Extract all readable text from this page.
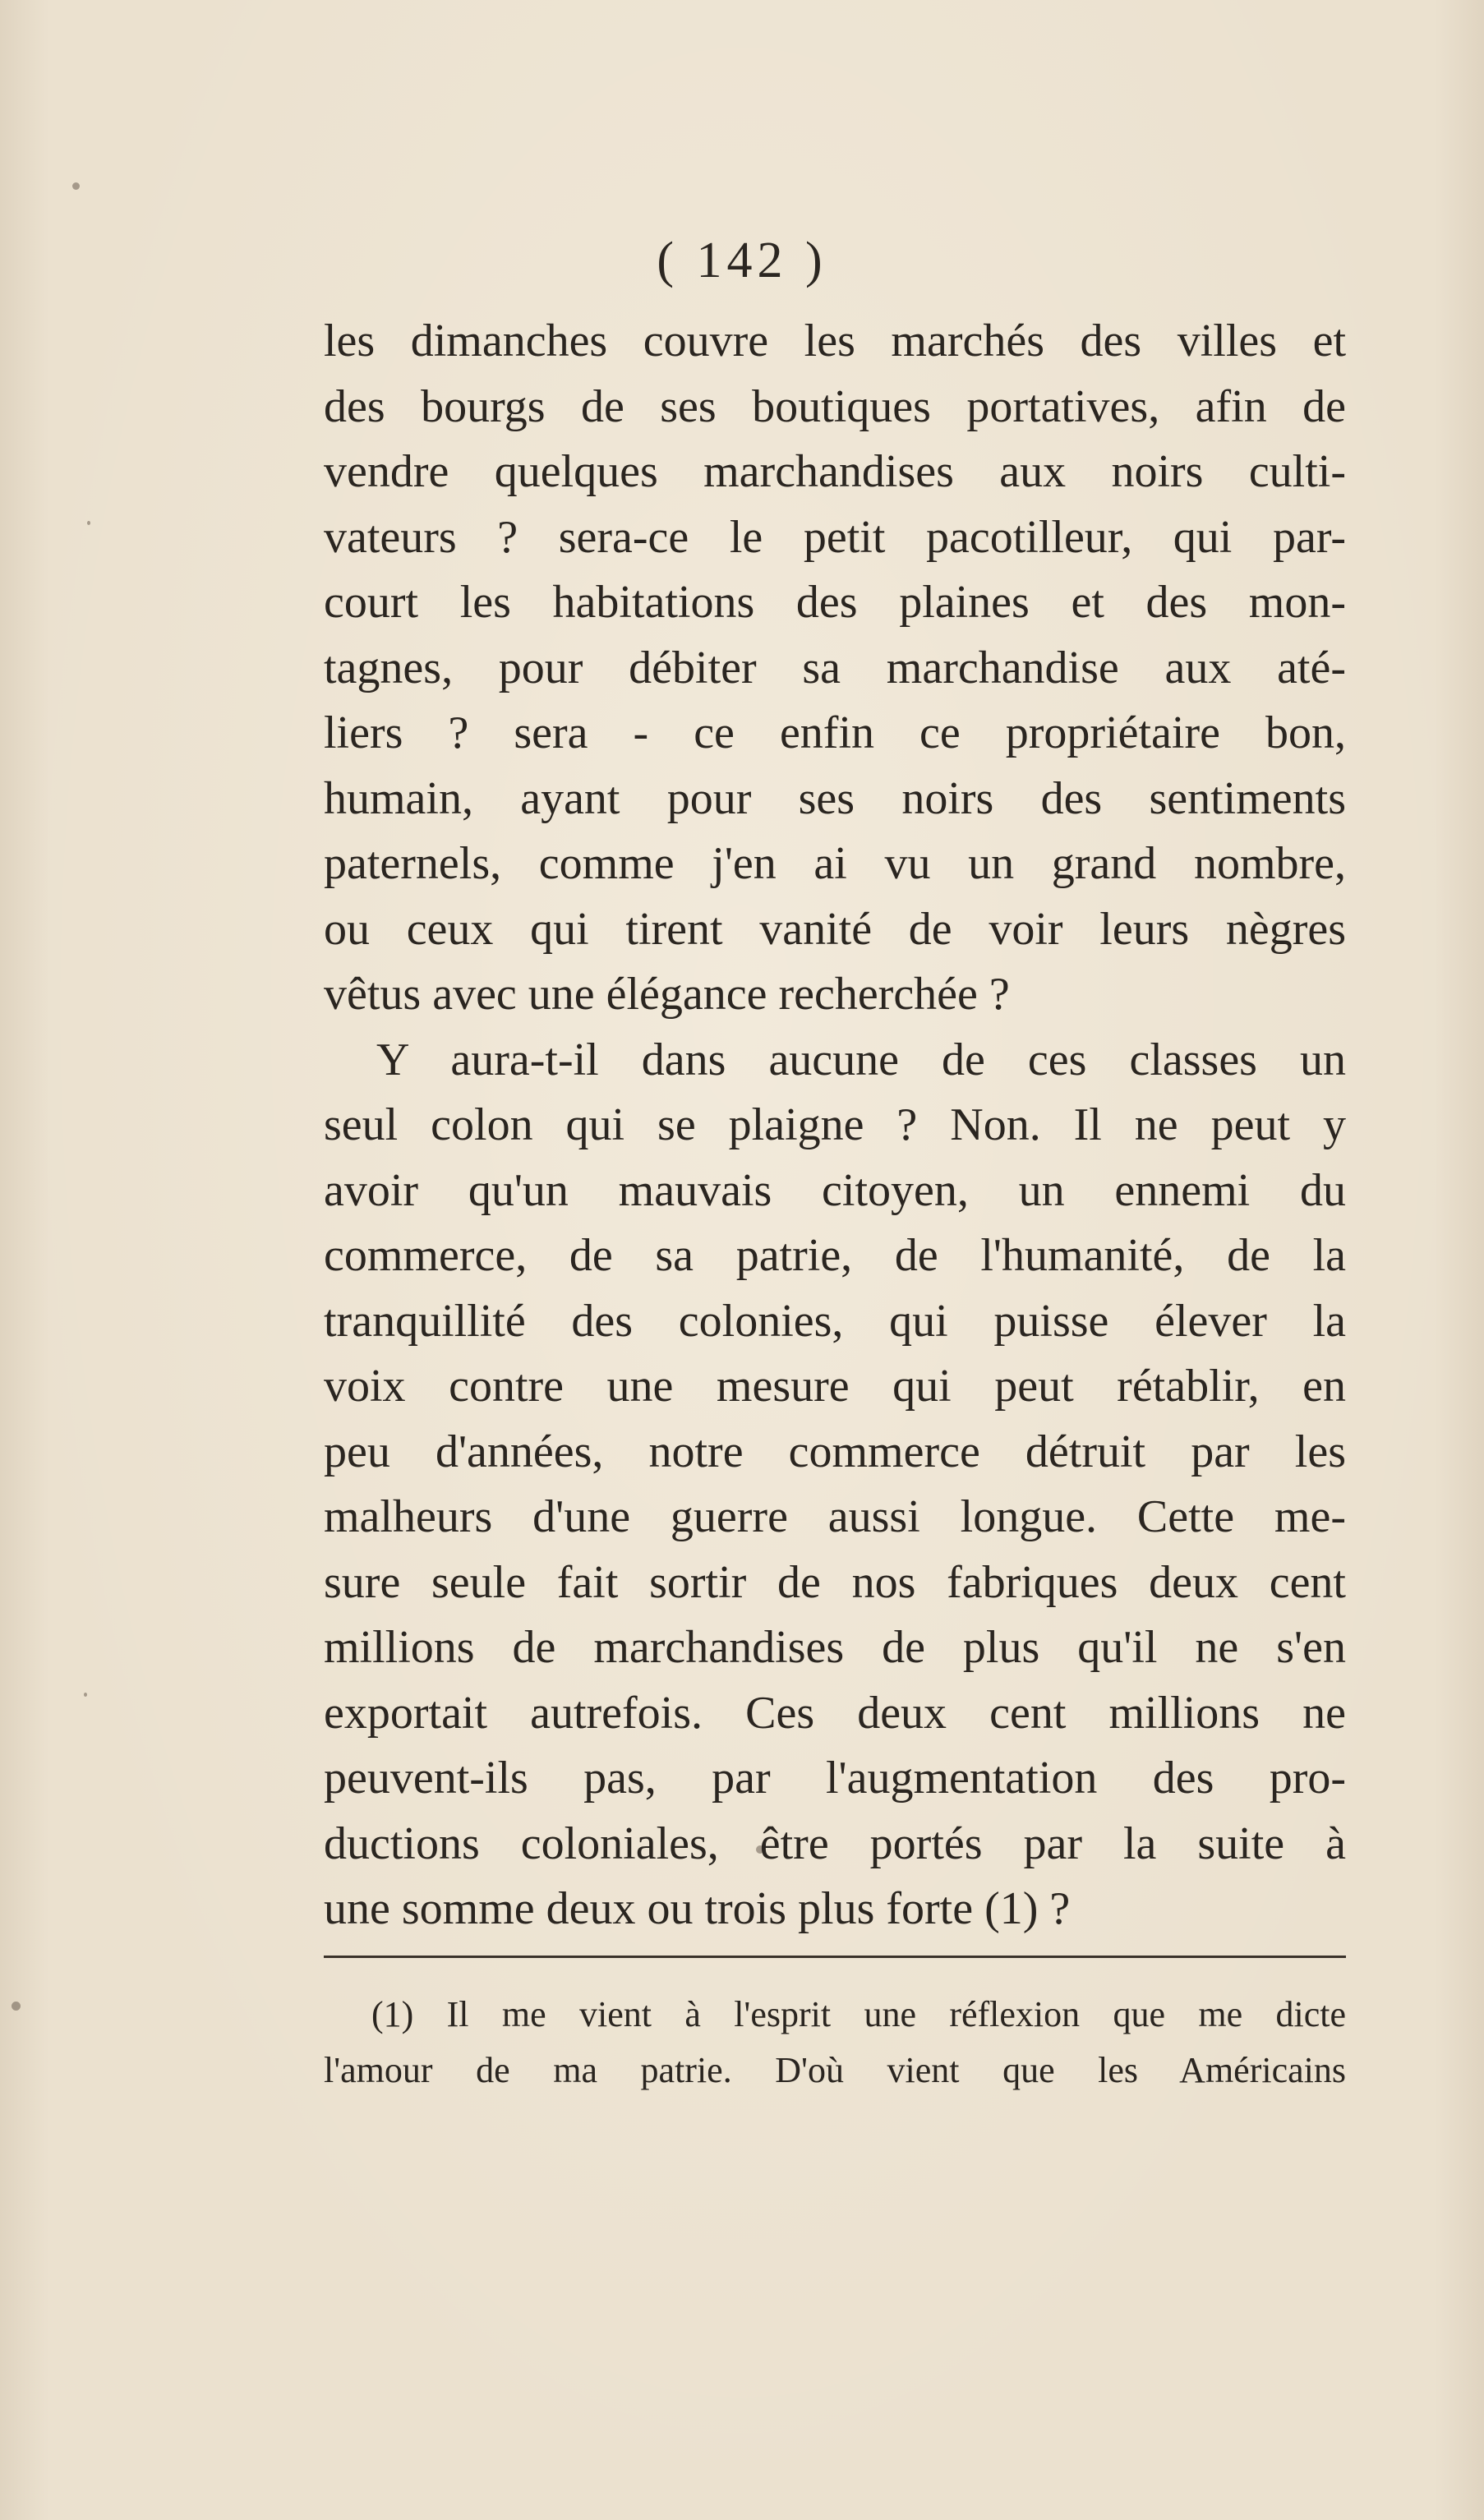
( 142 )
les dimanches couvre les marchés des villes et
des bourgs de ses boutiques portatives, afin de
vendre quelques marchandises aux noirs culti-
vateurs ? sera-ce le petit pacotilleur, qui par-
court les habitations des plaines et des mon-
tagnes, pour débiter sa marchandise aux até-
liers ? sera - ce enfin ce propriétaire bon,
humain, ayant pour ses noirs des sentiments
paternels, comme j'en ai vu un grand nombre,
ou ceux qui tirent vanité de voir leurs nègres
vêtus avec une élégance recherchée ?
Y aura-t-il dans aucune de ces classes un
seul colon qui se plaigne ? Non. Il ne peut y
avoir qu'un mauvais citoyen, un ennemi du
commerce, de sa patrie, de l'humanité, de la
tranquillité des colonies, qui puisse élever la
voix contre une mesure qui peut rétablir, en
peu d'années, notre commerce détruit par les
malheurs d'une guerre aussi longue. Cette me-
sure seule fait sortir de nos fabriques deux cent
millions de marchandises de plus qu'il ne s'en
exportait autrefois. Ces deux cent millions ne
peuvent-ils pas, par l'augmentation des pro-
ductions coloniales, être portés par la suite à
une somme deux ou trois plus forte (1) ?
(1) Il me vient à l'esprit une réflexion que me dicte
l'amour de ma patrie. D'où vient que les Américains
